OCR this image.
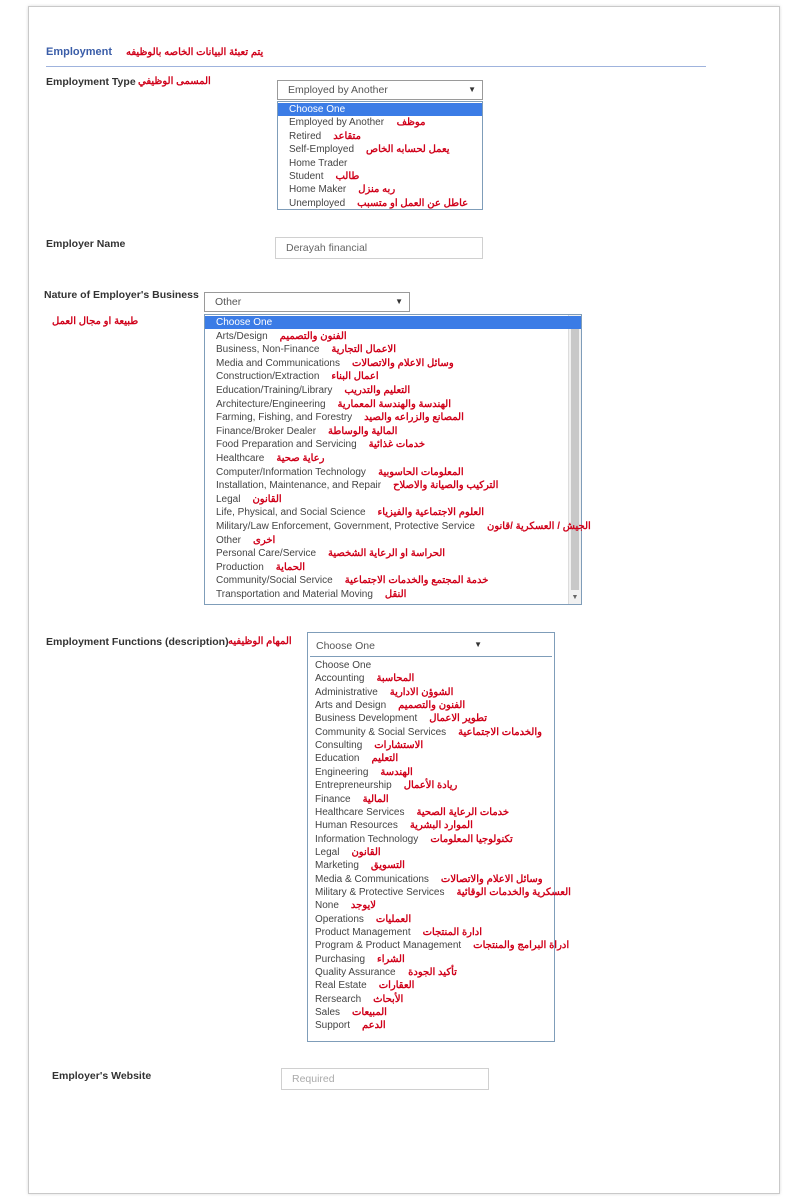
Employment يتم تعبئة البيانات الخاصه بالوظيفه
Employment Type المسمى الوظيفي
Employed by Another	▼
Choose One
Employed by Another موظف
Retired متقاعد
Self-Employed يعمل لحسابه الخاص
Home Trader
Student طالب
Home Maker ربه منزل
Unemployed عاطل عن العمل او متسبب
Employer Name	Derayah financial
Nature of Employer's Business
طبيعة او مجال العمل
Other	▼
▼
Choose One
Arts/Design الفنون والتصميم
Business, Non-Finance الاعمال التجارية
Media and Communications وسائل الاعلام والاتصالات
Construction/Extraction اعمال البناء
Education/Training/Library التعليم والتدريب
Architecture/Engineering الهندسة والهندسة المعمارية
Farming, Fishing, and Forestry المصانع والزراعه والصيد
Finance/Broker Dealer المالية والوساطة
Food Preparation and Servicing خدمات غذائية
Healthcare رعاية صحية
Computer/Information Technology المعلومات الحاسوبية
Installation, Maintenance, and Repair التركيب والصيانة والاصلاح
Legal القانون
Life, Physical, and Social Science العلوم الاجتماعية والفيزياء
Military/Law Enforcement, Government, Protective Service الجيش / العسكرية /قانون
Other اخرى
Personal Care/Service الحراسة او الرعاية الشخصية
Production الحماية
Community/Social Service خدمة المجتمع والخدمات الاجتماعية
Transportation and Material Moving النقل
Employment Functions (description) المهام الوظيفيه	Choose One	▼
Choose One
Accounting المحاسبة
Administrative الشوؤن الادارية
Arts and Design الفنون والتصميم
Business Development تطوير الاعمال
Community & Social Services والخدمات الاجتماعية
Consulting الاستشارات
Education التعليم
Engineering الهندسة
Entrepreneurship ريادة الأعمال
Finance المالية
Healthcare Services خدمات الرعاية الصحية
Human Resources الموارد البشرية
Information Technology تكنولوجيا المعلومات
Legal القانون
Marketing التسويق
Media & Communications وسائل الاعلام والاتصالات
Military & Protective Services العسكرية والخدمات الوقائية
None لايوجد
Operations العمليات
Product Management ادارة المنتجات
Program & Product Management ادراة البرامج والمنتجات
Purchasing الشراء
Quality Assurance تأكيد الجودة
Real Estate العقارات
Rersearch الأبحاث
Sales المبيعات
Support الدعم
Employer's Website	Required
